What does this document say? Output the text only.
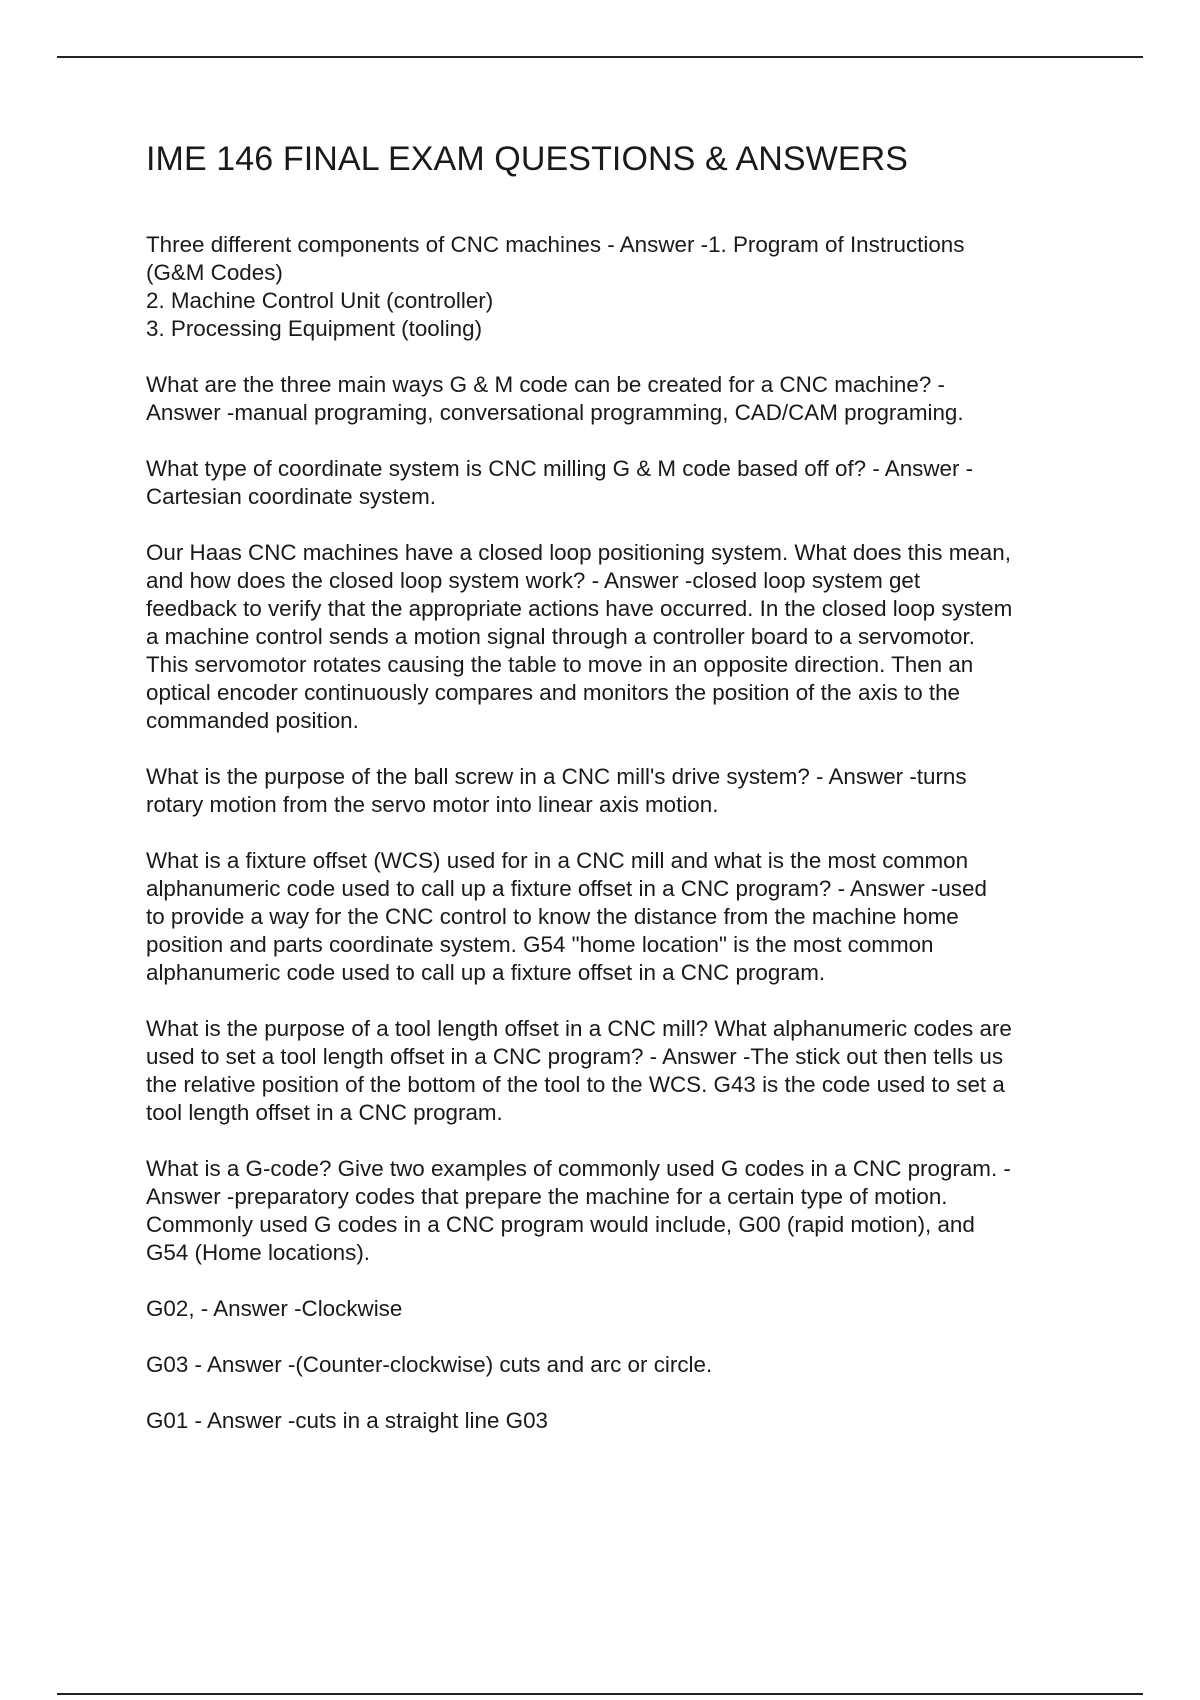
IME 146 FINAL EXAM QUESTIONS & ANSWERS

Three different components of CNC machines - Answer -1. Program of Instructions
(G&M Codes)
2. Machine Control Unit (controller)
3. Processing Equipment (tooling)

What are the three main ways G & M code can be created for a CNC machine? -
Answer -manual programing, conversational programming, CAD/CAM programing.

What type of coordinate system is CNC milling G & M code based off of? - Answer -
Cartesian coordinate system.

Our Haas CNC machines have a closed loop positioning system. What does this mean,
and how does the closed loop system work? - Answer -closed loop system get
feedback to verify that the appropriate actions have occurred. In the closed loop system
a machine control sends a motion signal through a controller board to a servomotor.
This servomotor rotates causing the table to move in an opposite direction. Then an
optical encoder continuously compares and monitors the position of the axis to the
commanded position.

What is the purpose of the ball screw in a CNC mill's drive system? - Answer -turns
rotary motion from the servo motor into linear axis motion.

What is a fixture offset (WCS) used for in a CNC mill and what is the most common
alphanumeric code used to call up a fixture offset in a CNC program? - Answer -used
to provide a way for the CNC control to know the distance from the machine home
position and parts coordinate system. G54 "home location" is the most common
alphanumeric code used to call up a fixture offset in a CNC program.

What is the purpose of a tool length offset in a CNC mill? What alphanumeric codes are
used to set a tool length offset in a CNC program? - Answer -The stick out then tells us
the relative position of the bottom of the tool to the WCS. G43 is the code used to set a
tool length offset in a CNC program.

What is a G-code? Give two examples of commonly used G codes in a CNC program. -
Answer -preparatory codes that prepare the machine for a certain type of motion.
Commonly used G codes in a CNC program would include, G00 (rapid motion), and
G54 (Home locations).

G02, - Answer -Clockwise

G03 - Answer -(Counter-clockwise) cuts and arc or circle.

G01 - Answer -cuts in a straight line G03
